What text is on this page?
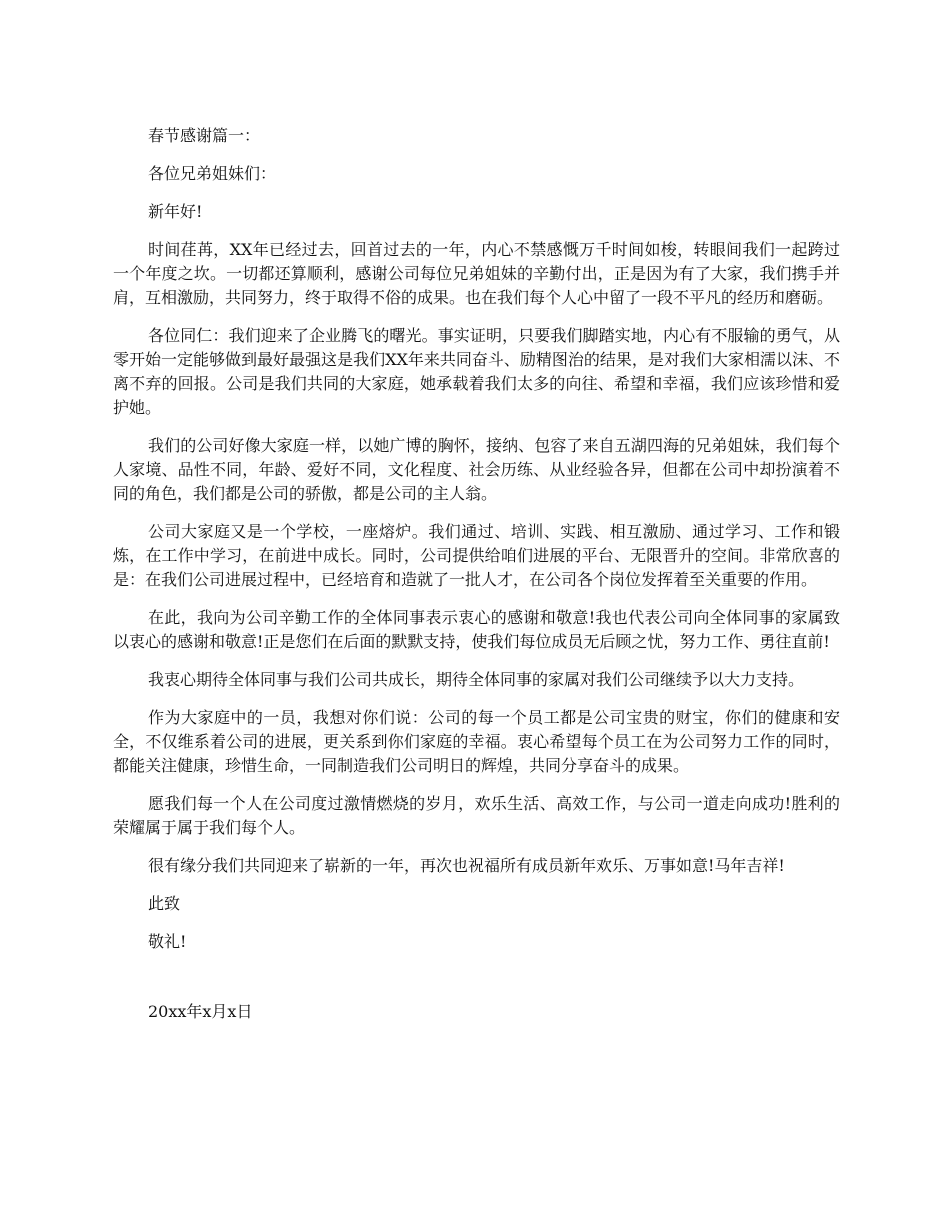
春节感谢篇一：

各位兄弟姐妹们：

新年好!

时间荏苒，XX年已经过去，回首过去的一年，内心不禁感慨万千时间如梭，转眼间我们一起跨过一个年度之坎。一切都还算顺利，感谢公司每位兄弟姐妹的辛勤付出，正是因为有了大家，我们携手并肩，互相激励，共同努力，终于取得不俗的成果。也在我们每个人心中留了一段不平凡的经历和磨砺。

各位同仁：我们迎来了企业腾飞的曙光。事实证明，只要我们脚踏实地，内心有不服输的勇气，从零开始一定能够做到最好最强这是我们XX年来共同奋斗、励精图治的结果，是对我们大家相濡以沫、不离不弃的回报。公司是我们共同的大家庭，她承载着我们太多的向往、希望和幸福，我们应该珍惜和爱护她。

我们的公司好像大家庭一样，以她广博的胸怀，接纳、包容了来自五湖四海的兄弟姐妹，我们每个人家境、品性不同，年龄、爱好不同，文化程度、社会历练、从业经验各异，但都在公司中却扮演着不同的角色，我们都是公司的骄傲，都是公司的主人翁。

公司大家庭又是一个学校，一座熔炉。我们通过、培训、实践、相互激励、通过学习、工作和锻炼，在工作中学习，在前进中成长。同时，公司提供给咱们进展的平台、无限晋升的空间。非常欣喜的是：在我们公司进展过程中，已经培育和造就了一批人才，在公司各个岗位发挥着至关重要的作用。

在此，我向为公司辛勤工作的全体同事表示衷心的感谢和敬意!我也代表公司向全体同事的家属致以衷心的感谢和敬意!正是您们在后面的默默支持，使我们每位成员无后顾之忧，努力工作、勇往直前!

我衷心期待全体同事与我们公司共成长，期待全体同事的家属对我们公司继续予以大力支持。

作为大家庭中的一员，我想对你们说：公司的每一个员工都是公司宝贵的财宝，你们的健康和安全，不仅维系着公司的进展，更关系到你们家庭的幸福。衷心希望每个员工在为公司努力工作的同时，都能关注健康，珍惜生命，一同制造我们公司明日的辉煌，共同分享奋斗的成果。

愿我们每一个人在公司度过激情燃烧的岁月，欢乐生活、高效工作，与公司一道走向成功!胜利的荣耀属于属于我们每个人。

很有缘分我们共同迎来了崭新的一年，再次也祝福所有成员新年欢乐、万事如意!马年吉祥!

此致

敬礼!

20xx年x月x日
